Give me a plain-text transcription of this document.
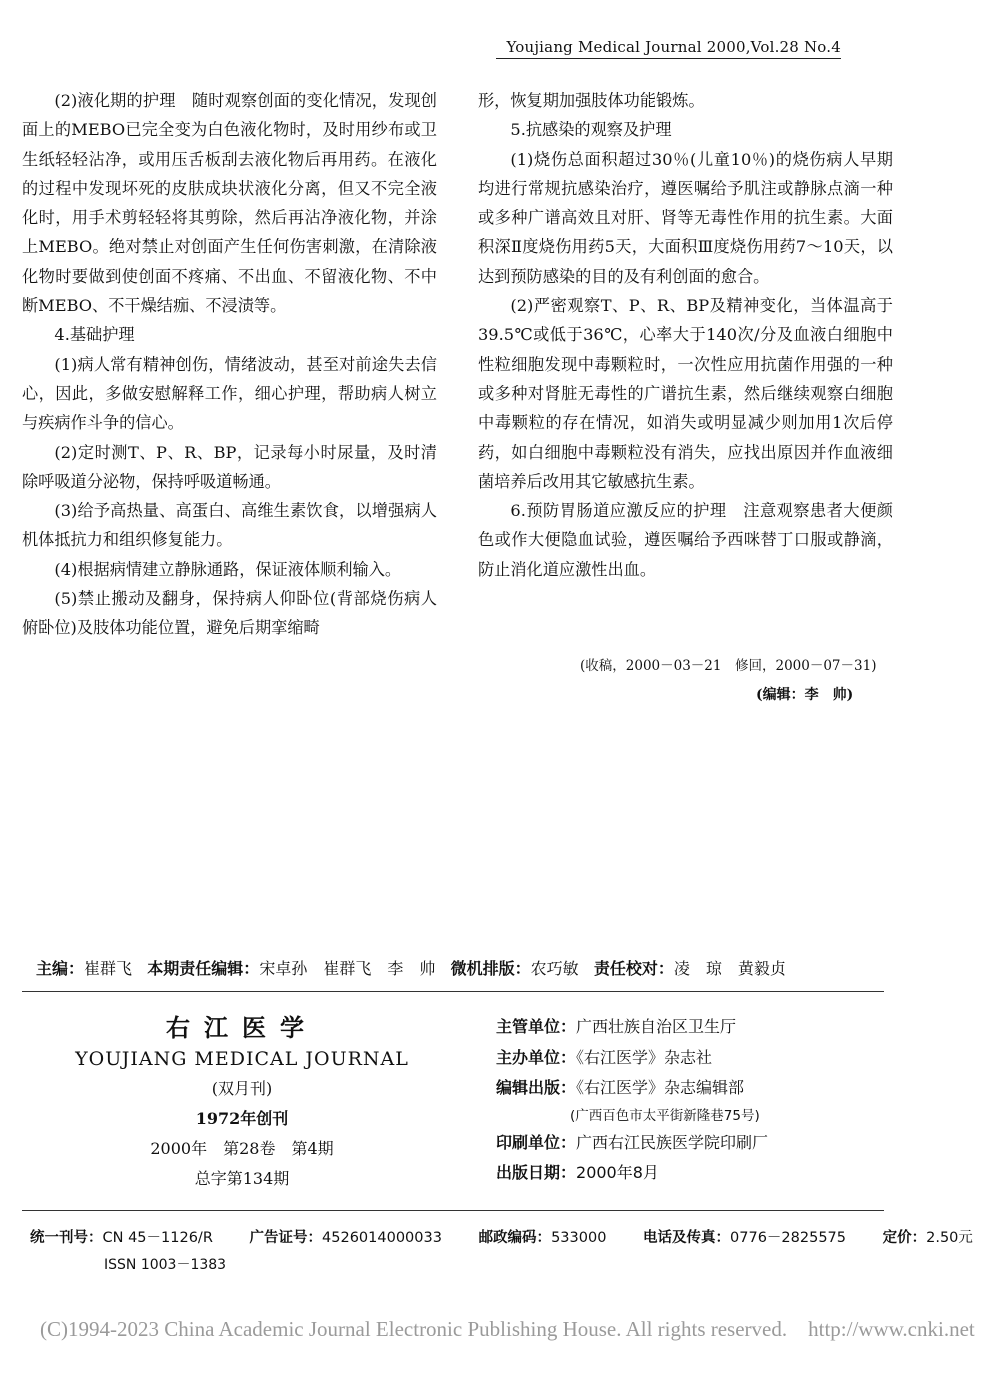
Youjiang Medical Journal 2000,Vol.28 No.4

(2)液化期的护理　随时观察创面的变化情况，发现创面上的MEBO已完全变为白色液化物时，及时用纱布或卫生纸轻轻沾净，或用压舌板刮去液化物后再用药。在液化的过程中发现坏死的皮肤成块状液化分离，但又不完全液化时，用手术剪轻轻将其剪除，然后再沾净液化物，并涂上MEBO。绝对禁止对创面产生任何伤害刺激，在清除液化物时要做到使创面不疼痛、不出血、不留液化物、不中断MEBO、不干燥结痂、不浸渍等。

4.基础护理

(1)病人常有精神创伤，情绪波动，甚至对前途失去信心，因此，多做安慰解释工作，细心护理，帮助病人树立与疾病作斗争的信心。

(2)定时测T、P、R、BP，记录每小时尿量，及时清除呼吸道分泌物，保持呼吸道畅通。

(3)给予高热量、高蛋白、高维生素饮食，以增强病人机体抵抗力和组织修复能力。

(4)根据病情建立静脉通路，保证液体顺利输入。

(5)禁止搬动及翻身，保持病人仰卧位(背部烧伤病人俯卧位)及肢体功能位置，避免后期挛缩畸

形，恢复期加强肢体功能锻炼。

5.抗感染的观察及护理

(1)烧伤总面积超过30％(儿童10％)的烧伤病人早期均进行常规抗感染治疗，遵医嘱给予肌注或静脉点滴一种或多种广谱高效且对肝、肾等无毒性作用的抗生素。大面积深Ⅱ度烧伤用药5天，大面积Ⅲ度烧伤用药7～10天，以达到预防感染的目的及有利创面的愈合。

(2)严密观察T、P、R、BP及精神变化，当体温高于39.5℃或低于36℃，心率大于140次/分及血液白细胞中性粒细胞发现中毒颗粒时，一次性应用抗菌作用强的一种或多种对肾脏无毒性的广谱抗生素，然后继续观察白细胞中毒颗粒的存在情况，如消失或明显减少则加用1次后停药，如白细胞中毒颗粒没有消失，应找出原因并作血液细菌培养后改用其它敏感抗生素。

6.预防胃肠道应激反应的护理　注意观察患者大便颜色或作大便隐血试验，遵医嘱给予西咪替丁口服或静滴，防止消化道应激性出血。

(收稿，2000－03－21　修回，2000－07－31)
(编辑：李　帅)
主编：崔群飞 本期责任编辑：宋卓孙　崔群飞　李　帅 微机排版：农巧敏 责任校对：凌　琼　黄毅贞
右江医学
YOUJIANG MEDICAL JOURNAL
(双月刊)
1972年创刊
2000年　第28卷　第4期
总字第134期
主管单位：广西壮族自治区卫生厅
主办单位：《右江医学》杂志社
编辑出版：《右江医学》杂志编辑部
(广西百色市太平街新隆巷75号)
印刷单位：广西右江民族医学院印刷厂
出版日期：2000年8月
统一刊号：CN 45－1126/R	广告证号：4526014000033	邮政编码：533000	电话及传真：0776－2825575	定价：2.50元
ISSN 1003－1383
(C)1994-2023 China Academic Journal Electronic Publishing House. All rights reserved.　http://www.cnki.net
